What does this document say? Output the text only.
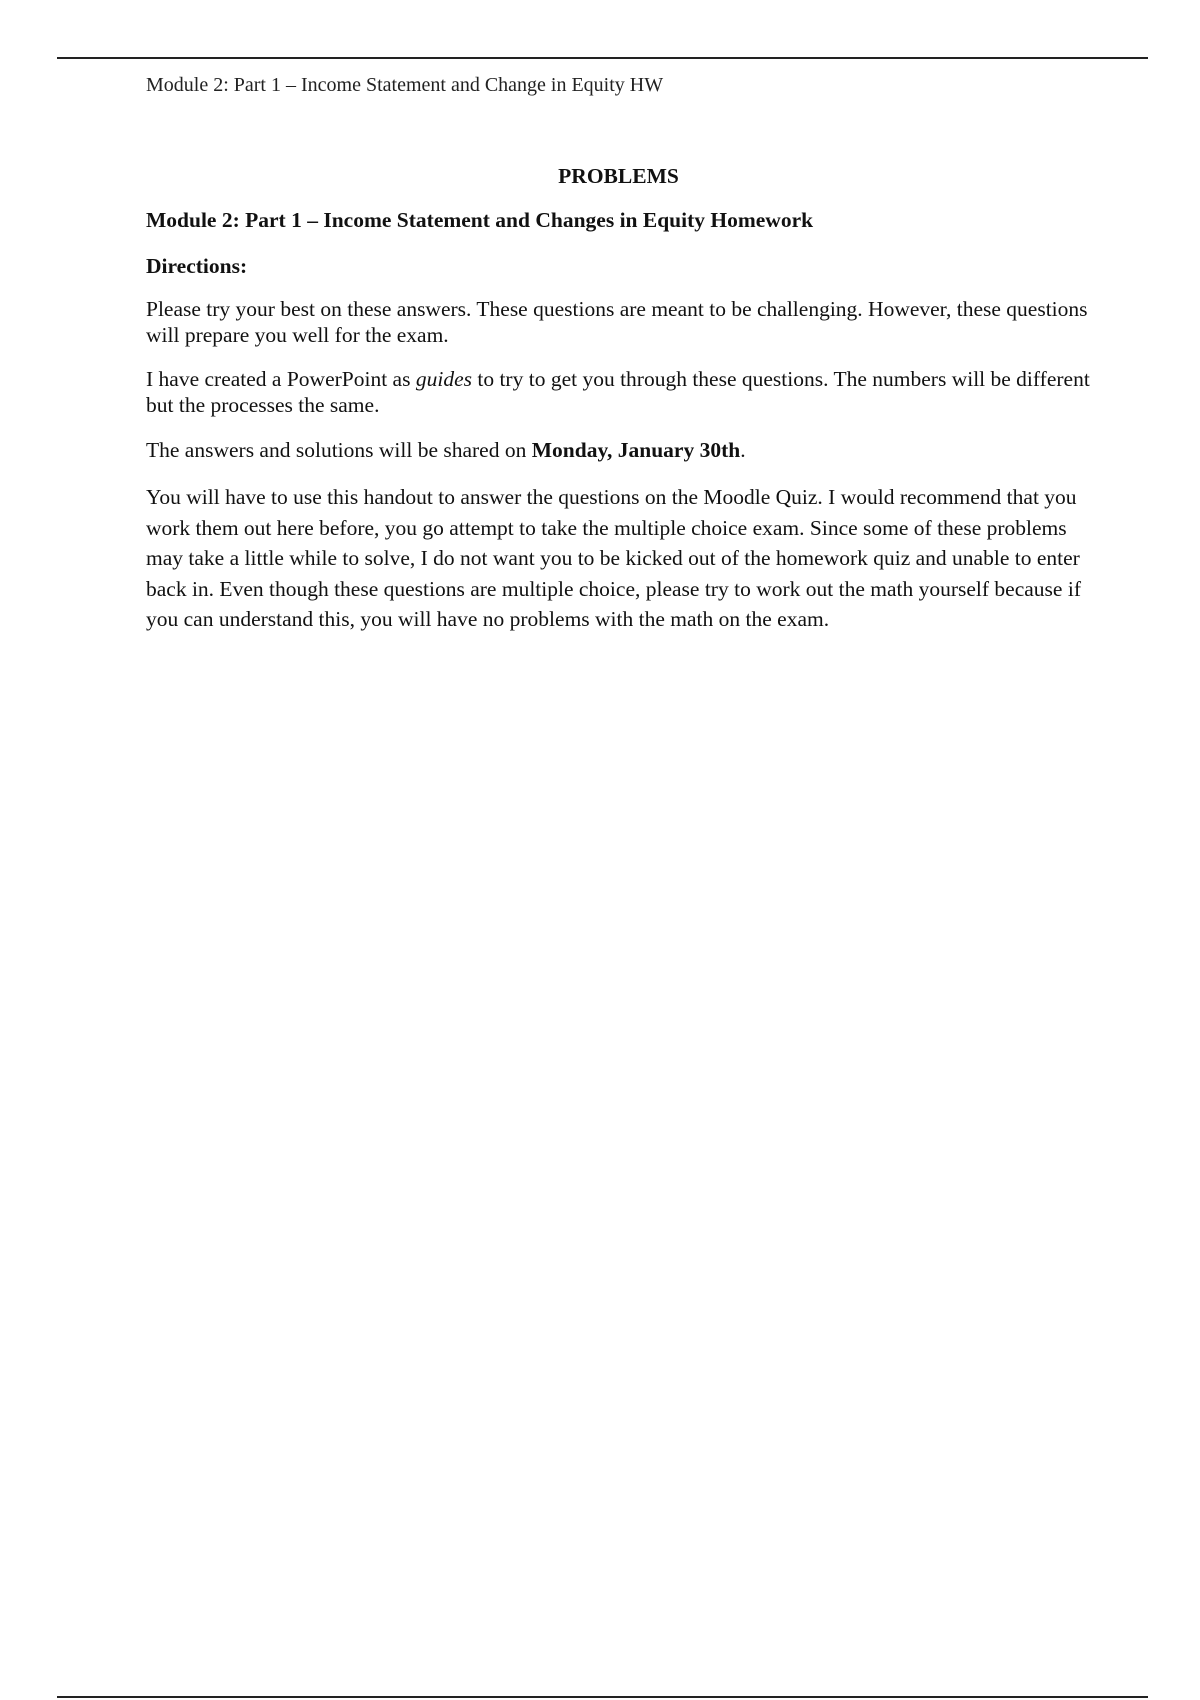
Module 2: Part 1 – Income Statement and Change in Equity HW
PROBLEMS
Module 2: Part 1 – Income Statement and Changes in Equity Homework
Directions:

Please try your best on these answers. These questions are meant to be challenging. However, these questions will prepare you well for the exam.

I have created a PowerPoint as guides to try to get you through these questions. The numbers will be different but the processes the same.

The answers and solutions will be shared on Monday, January 30th.

You will have to use this handout to answer the questions on the Moodle Quiz. I would recommend that you work them out here before, you go attempt to take the multiple choice exam. Since some of these problems may take a little while to solve, I do not want you to be kicked out of the homework quiz and unable to enter back in. Even though these questions are multiple choice, please try to work out the math yourself because if you can understand this, you will have no problems with the math on the exam.
